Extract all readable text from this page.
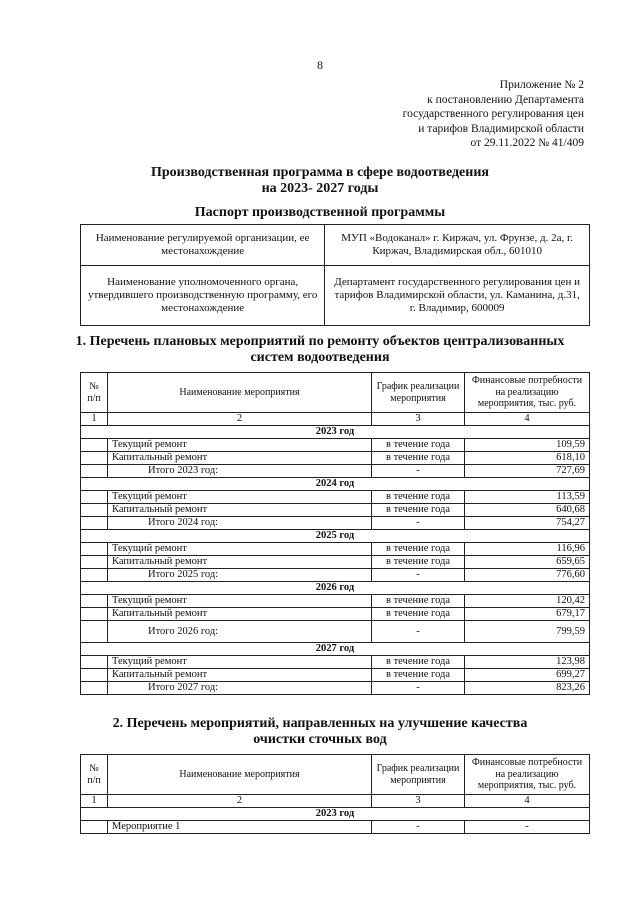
8
Приложение № 2
к постановлению Департамента
государственного регулирования цен
и тарифов Владимирской области
от 29.11.2022 № 41/409
Производственная программа в сфере водоотведения
на 2023- 2027 годы
Паспорт производственной программы
Наименование регулируемой организации, ее местонахождение	МУП «Водоканал» г. Киржач, ул. Фрунзе, д. 2а, г. Киржач, Владимирская обл., 601010
Наименование уполномоченного органа, утвердившего производственную программу, его местонахождение	Департамент государственного регулирования цен и тарифов Владимирской области, ул. Каманина, д.31, г. Владимир, 600009
1. Перечень плановых мероприятий по ремонту объектов централизованных
систем водоотведения
№ п/п	Наименование мероприятия	График реализации мероприятия	Финансовые потребности на реализацию мероприятия, тыс. руб.
1	2	3	4
2023 год			
	Текущий ремонт	в течение года	109,59
	Капитальный ремонт	в течение года	618,10
	Итого 2023 год:	-	727,69
2024 год			
	Текущий ремонт	в течение года	113,59
	Капитальный ремонт	в течение года	640,68
	Итого 2024 год:	-	754,27
2025 год			
	Текущий ремонт	в течение года	116,96
	Капитальный ремонт	в течение года	659,65
	Итого 2025 год:	-	776,60
2026 год			
	Текущий ремонт	в течение года	120,42
	Капитальный ремонт	в течение года	679,17
	Итого 2026 год:	-	799,59
2027 год			
	Текущий ремонт	в течение года	123,98
	Капитальный ремонт	в течение года	699,27
	Итого 2027 год:	-	823,26
2. Перечень мероприятий, направленных на улучшение качества
очистки сточных вод
№ п/п	Наименование мероприятия	График реализации мероприятия	Финансовые потребности на реализацию мероприятия, тыс. руб.
1	2	3	4
2023 год			
	Мероприятие 1	-	-
